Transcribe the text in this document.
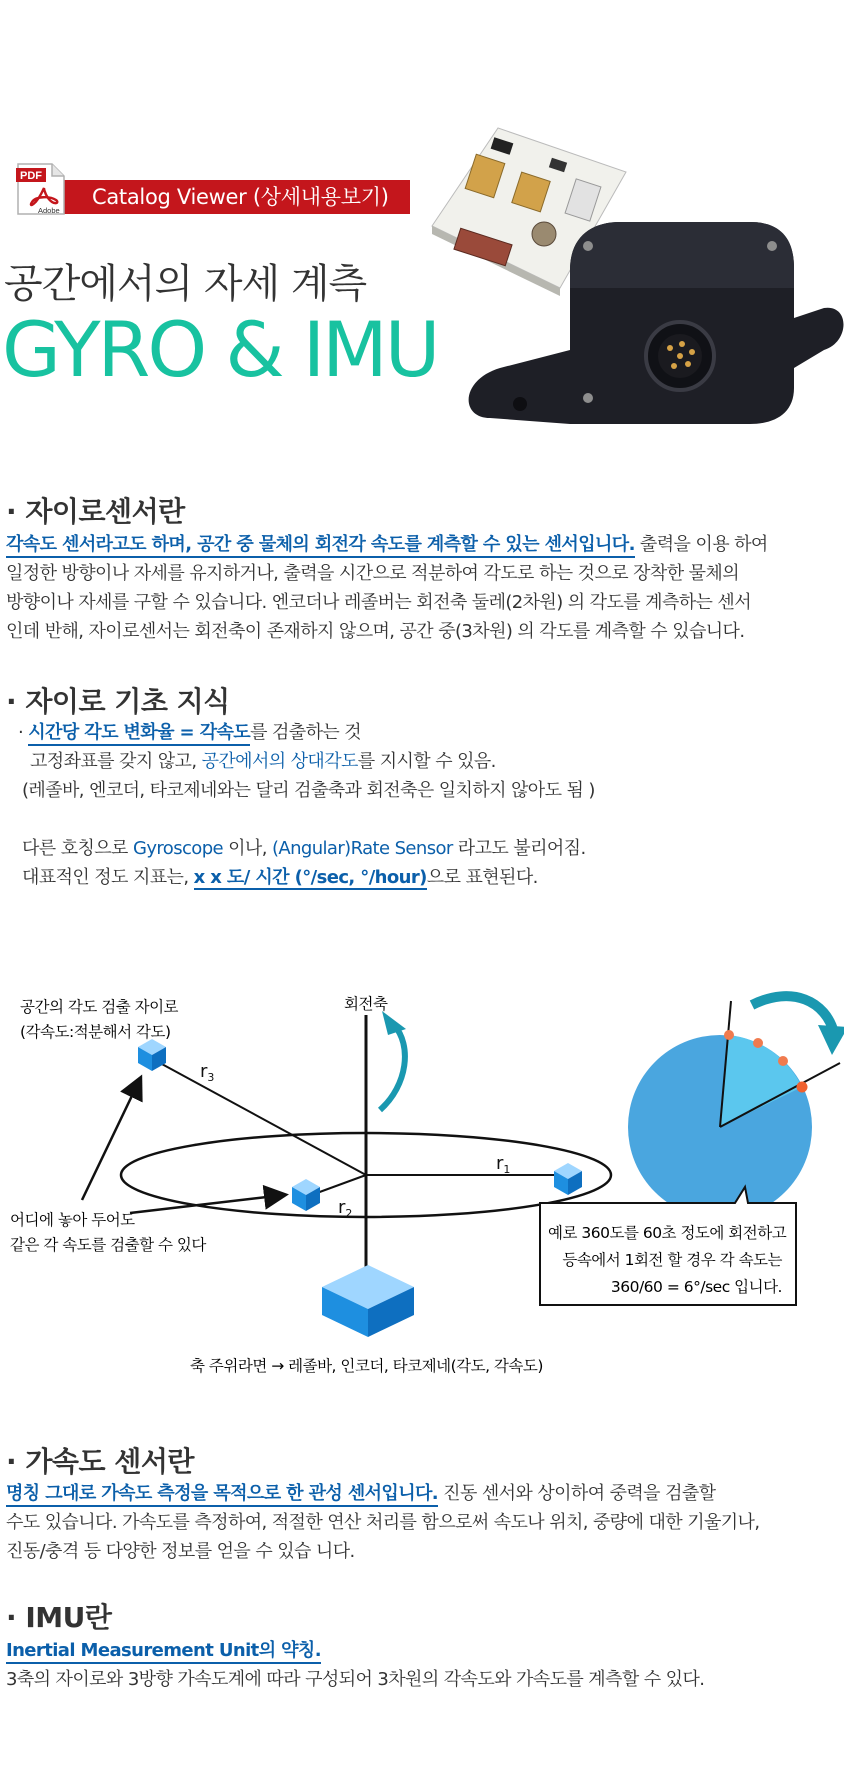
Catalog Viewer (상세내용보기)
PDF
Adobe
공간에서의 자세 계측
GYRO & IMU
· 자이로센서란
각속도 센서라고도 하며, 공간 중 물체의 회전각 속도를 계측할 수 있는 센서입니다. 출력을 이용 하여
일정한 방향이나 자세를 유지하거나, 출력을 시간으로 적분하여 각도로 하는 것으로 장착한 물체의
방향이나 자세를 구할 수 있습니다. 엔코더나 레졸버는 회전축 둘레(2차원) 의 각도를 계측하는 센서
인데 반해, 자이로센서는 회전축이 존재하지 않으며, 공간 중(3차원) 의 각도를 계측할 수 있습니다.
· 자이로 기초 지식
· 시간당 각도 변화율 = 각속도를 검출하는 것
고정좌표를 갖지 않고, 공간에서의 상대각도를 지시할 수 있음.
(레졸바, 엔코더, 타코제네와는 달리 검출축과 회전축은 일치하지 않아도 됨 )
다른 호칭으로 Gyroscope 이나, (Angular)Rate Sensor 라고도 불리어짐.
대표적인 정도 지표는, x x 도/ 시간 (°/sec, °/hour)으로 표현된다.
공간의 각도 검출 자이로
(각속도:적분해서 각도)
회전축
$r_3$
$r_1$
$r_2$
어디에 놓아 두어도
같은 각 속도를 검출할 수 있다
축 주위라면 → 레졸바, 인코더, 타코제네(각도, 각속도)
예로 360도를 60초 정도에 회전하고
등속에서 1회전 할 경우 각 속도는
360/60 = 6°/sec 입니다.
· 가속도 센서란
명칭 그대로 가속도 측정을 목적으로 한 관성 센서입니다. 진동 센서와 상이하여 중력을 검출할
수도 있습니다. 가속도를 측정하여, 적절한 연산 처리를 함으로써 속도나 위치, 중량에 대한 기울기나,
진동/충격 등 다양한 정보를 얻을 수 있습 니다.
· IMU란
Inertial Measurement Unit의 약칭.
3축의 자이로와 3방향 가속도계에 따라 구성되어 3차원의 각속도와 가속도를 계측할 수 있다.
